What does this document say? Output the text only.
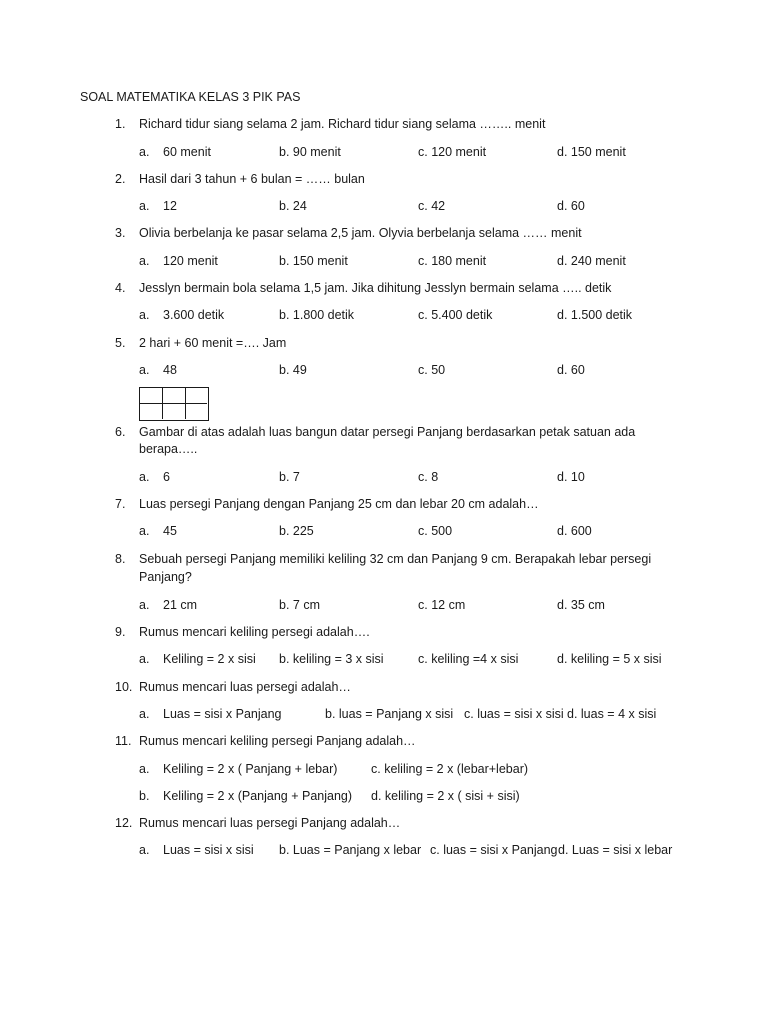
SOAL MATEMATIKA KELAS 3 PIK PAS
1. Richard tidur siang selama 2 jam. Richard tidur siang selama …….. menit
a. 60 menit	b. 90 menit	c. 120 menit	d. 150 menit
2. Hasil dari 3 tahun + 6 bulan = …… bulan
a. 12	b. 24	c. 42	d. 60
3. Olivia berbelanja ke pasar selama 2,5 jam. Olyvia berbelanja selama …… menit
a. 120 menit	b. 150 menit	c. 180 menit	d. 240 menit
4. Jesslyn bermain bola selama 1,5 jam. Jika dihitung Jesslyn bermain selama ….. detik
a. 3.600 detik	b. 1.800 detik	c. 5.400 detik	d. 1.500 detik
5. 2 hari + 60 menit =…. Jam
a. 48	b. 49	c. 50	d. 60
6. Gambar di atas adalah luas bangun datar persegi Panjang berdasarkan petak satuan ada
berapa…..
a. 6	b. 7	c. 8	d. 10
7. Luas persegi Panjang dengan Panjang 25 cm dan lebar 20 cm adalah…
a. 45	b. 225	c. 500	d. 600
8. Sebuah persegi Panjang memiliki keliling 32 cm dan Panjang 9 cm. Berapakah lebar persegi
Panjang?
a. 21 cm	b. 7 cm	c. 12 cm	d. 35 cm
9. Rumus mencari keliling persegi adalah….
a. Keliling = 2 x sisi b. keliling = 3 x sisi	c. keliling =4 x sisi	d. keliling = 5 x sisi
10. Rumus mencari luas persegi adalah…
a. Luas = sisi x Panjang	b. luas = Panjang x sisi c. luas = sisi x sisi d. luas = 4 x sisi
11. Rumus mencari keliling persegi Panjang adalah…
a. Keliling = 2 x ( Panjang + lebar)	c. keliling = 2 x (lebar+lebar)
b. Keliling = 2 x (Panjang + Panjang) d. keliling = 2 x ( sisi + sisi)
12. Rumus mencari luas persegi Panjang adalah…
a. Luas = sisi x sisi b. Luas = Panjang x lebar c. luas = sisi x Panjang d. Luas = sisi x lebar
